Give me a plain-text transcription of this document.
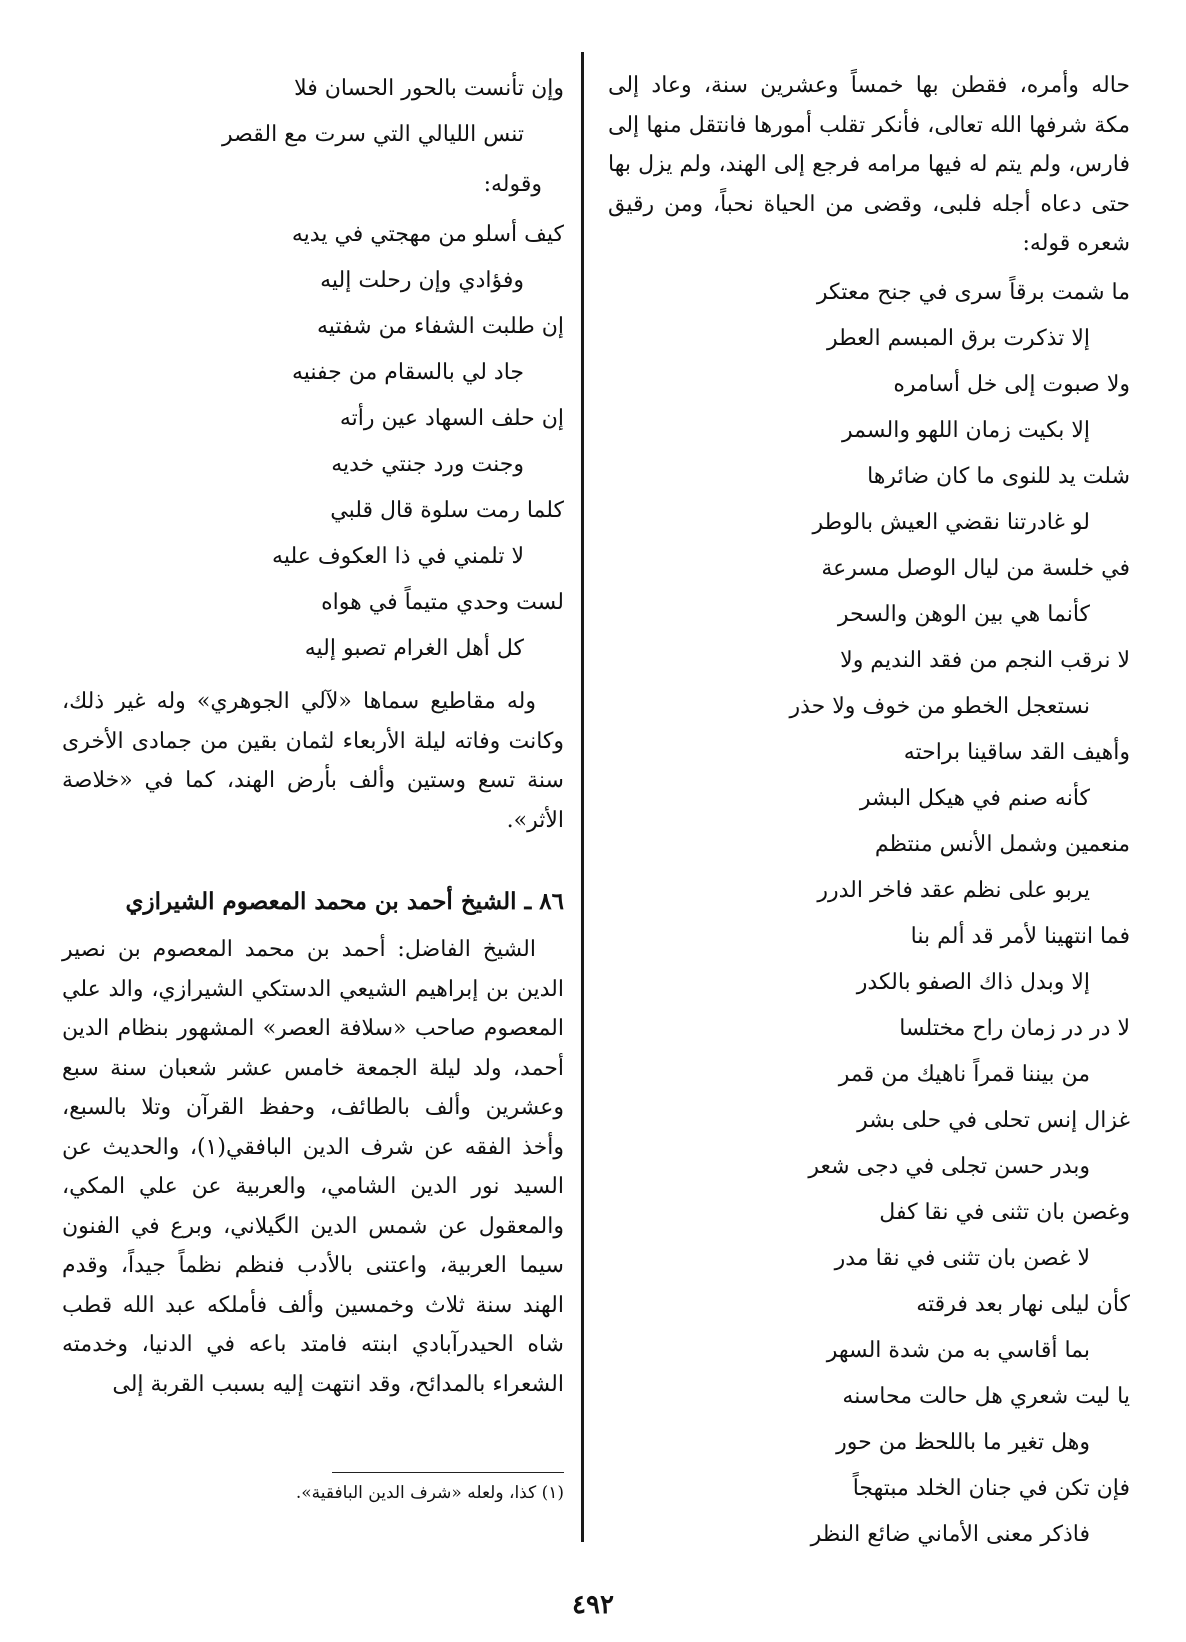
حاله وأمره، فقطن بها خمساً وعشرين سنة، وعاد إلى مكة شرفها الله تعالى، فأنكر تقلب أمورها فانتقل منها إلى فارس، ولم يتم له فيها مرامه فرجع إلى الهند، ولم يزل بها حتى دعاه أجله فلبى، وقضى من الحياة نحباً، ومن رقيق شعره قوله:

ما شمت برقاً سرى في جنح معتكر
إلا تذكرت برق المبسم العطر
ولا صبوت إلى خل أسامره
إلا بكيت زمان اللهو والسمر
شلت يد للنوى ما كان ضائرها
لو غادرتنا نقضي العيش بالوطر
في خلسة من ليال الوصل مسرعة
كأنما هي بين الوهن والسحر
لا نرقب النجم من فقد النديم ولا
نستعجل الخطو من خوف ولا حذر
وأهيف القد ساقينا براحته
كأنه صنم في هيكل البشر
منعمين وشمل الأنس منتظم
يربو على نظم عقد فاخر الدرر
فما انتهينا لأمر قد ألم بنا
إلا وبدل ذاك الصفو بالكدر
لا در در زمان راح مختلسا
من بيننا قمراً ناهيك من قمر
غزال إنس تحلى في حلى بشر
وبدر حسن تجلى في دجى شعر
وغصن بان تثنى في نقا كفل
لا غصن بان تثنى في نقا مدر
كأن ليلى نهار بعد فرقته
بما أقاسي به من شدة السهر
يا ليت شعري هل حالت محاسنه
وهل تغير ما باللحظ من حور
فإن تكن في جنان الخلد مبتهجاً
فاذكر معنى الأماني ضائع النظر
وإن تأنست بالحور الحسان فلا
تنس الليالي التي سرت مع القصر
وقوله:
كيف أسلو من مهجتي في يديه
وفؤادي وإن رحلت إليه
إن طلبت الشفاء من شفتيه
جاد لي بالسقام من جفنيه
إن حلف السهاد عين رأته
وجنت ورد جنتي خديه
كلما رمت سلوة قال قلبي
لا تلمني في ذا العكوف عليه
لست وحدي متيماً في هواه
كل أهل الغرام تصبو إليه

وله مقاطيع سماها «لآلي الجوهري» وله غير ذلك، وكانت وفاته ليلة الأربعاء لثمان بقين من جمادى الأخرى سنة تسع وستين وألف بأرض الهند، كما في «خلاصة الأثر».

٨٦ ـ الشيخ أحمد بن محمد المعصوم الشيرازي

الشيخ الفاضل: أحمد بن محمد المعصوم بن نصير الدين بن إبراهيم الشيعي الدستكي الشيرازي، والد علي المعصوم صاحب «سلافة العصر» المشهور بنظام الدين أحمد، ولد ليلة الجمعة خامس عشر شعبان سنة سبع وعشرين وألف بالطائف، وحفظ القرآن وتلا بالسبع، وأخذ الفقه عن شرف الدين البافقي(١)، والحديث عن السيد نور الدين الشامي، والعربية عن علي المكي، والمعقول عن شمس الدين الگيلاني، وبرع في الفنون سيما العربية، واعتنى بالأدب فنظم نظماً جيداً، وقدم الهند سنة ثلاث وخمسين وألف فأملكه عبد الله قطب شاه الحيدرآبادي ابنته فامتد باعه في الدنيا، وخدمته الشعراء بالمدائح، وقد انتهت إليه بسبب القربة إلى

(١) كذا، ولعله «شرف الدين البافقية».
٤٩٢
